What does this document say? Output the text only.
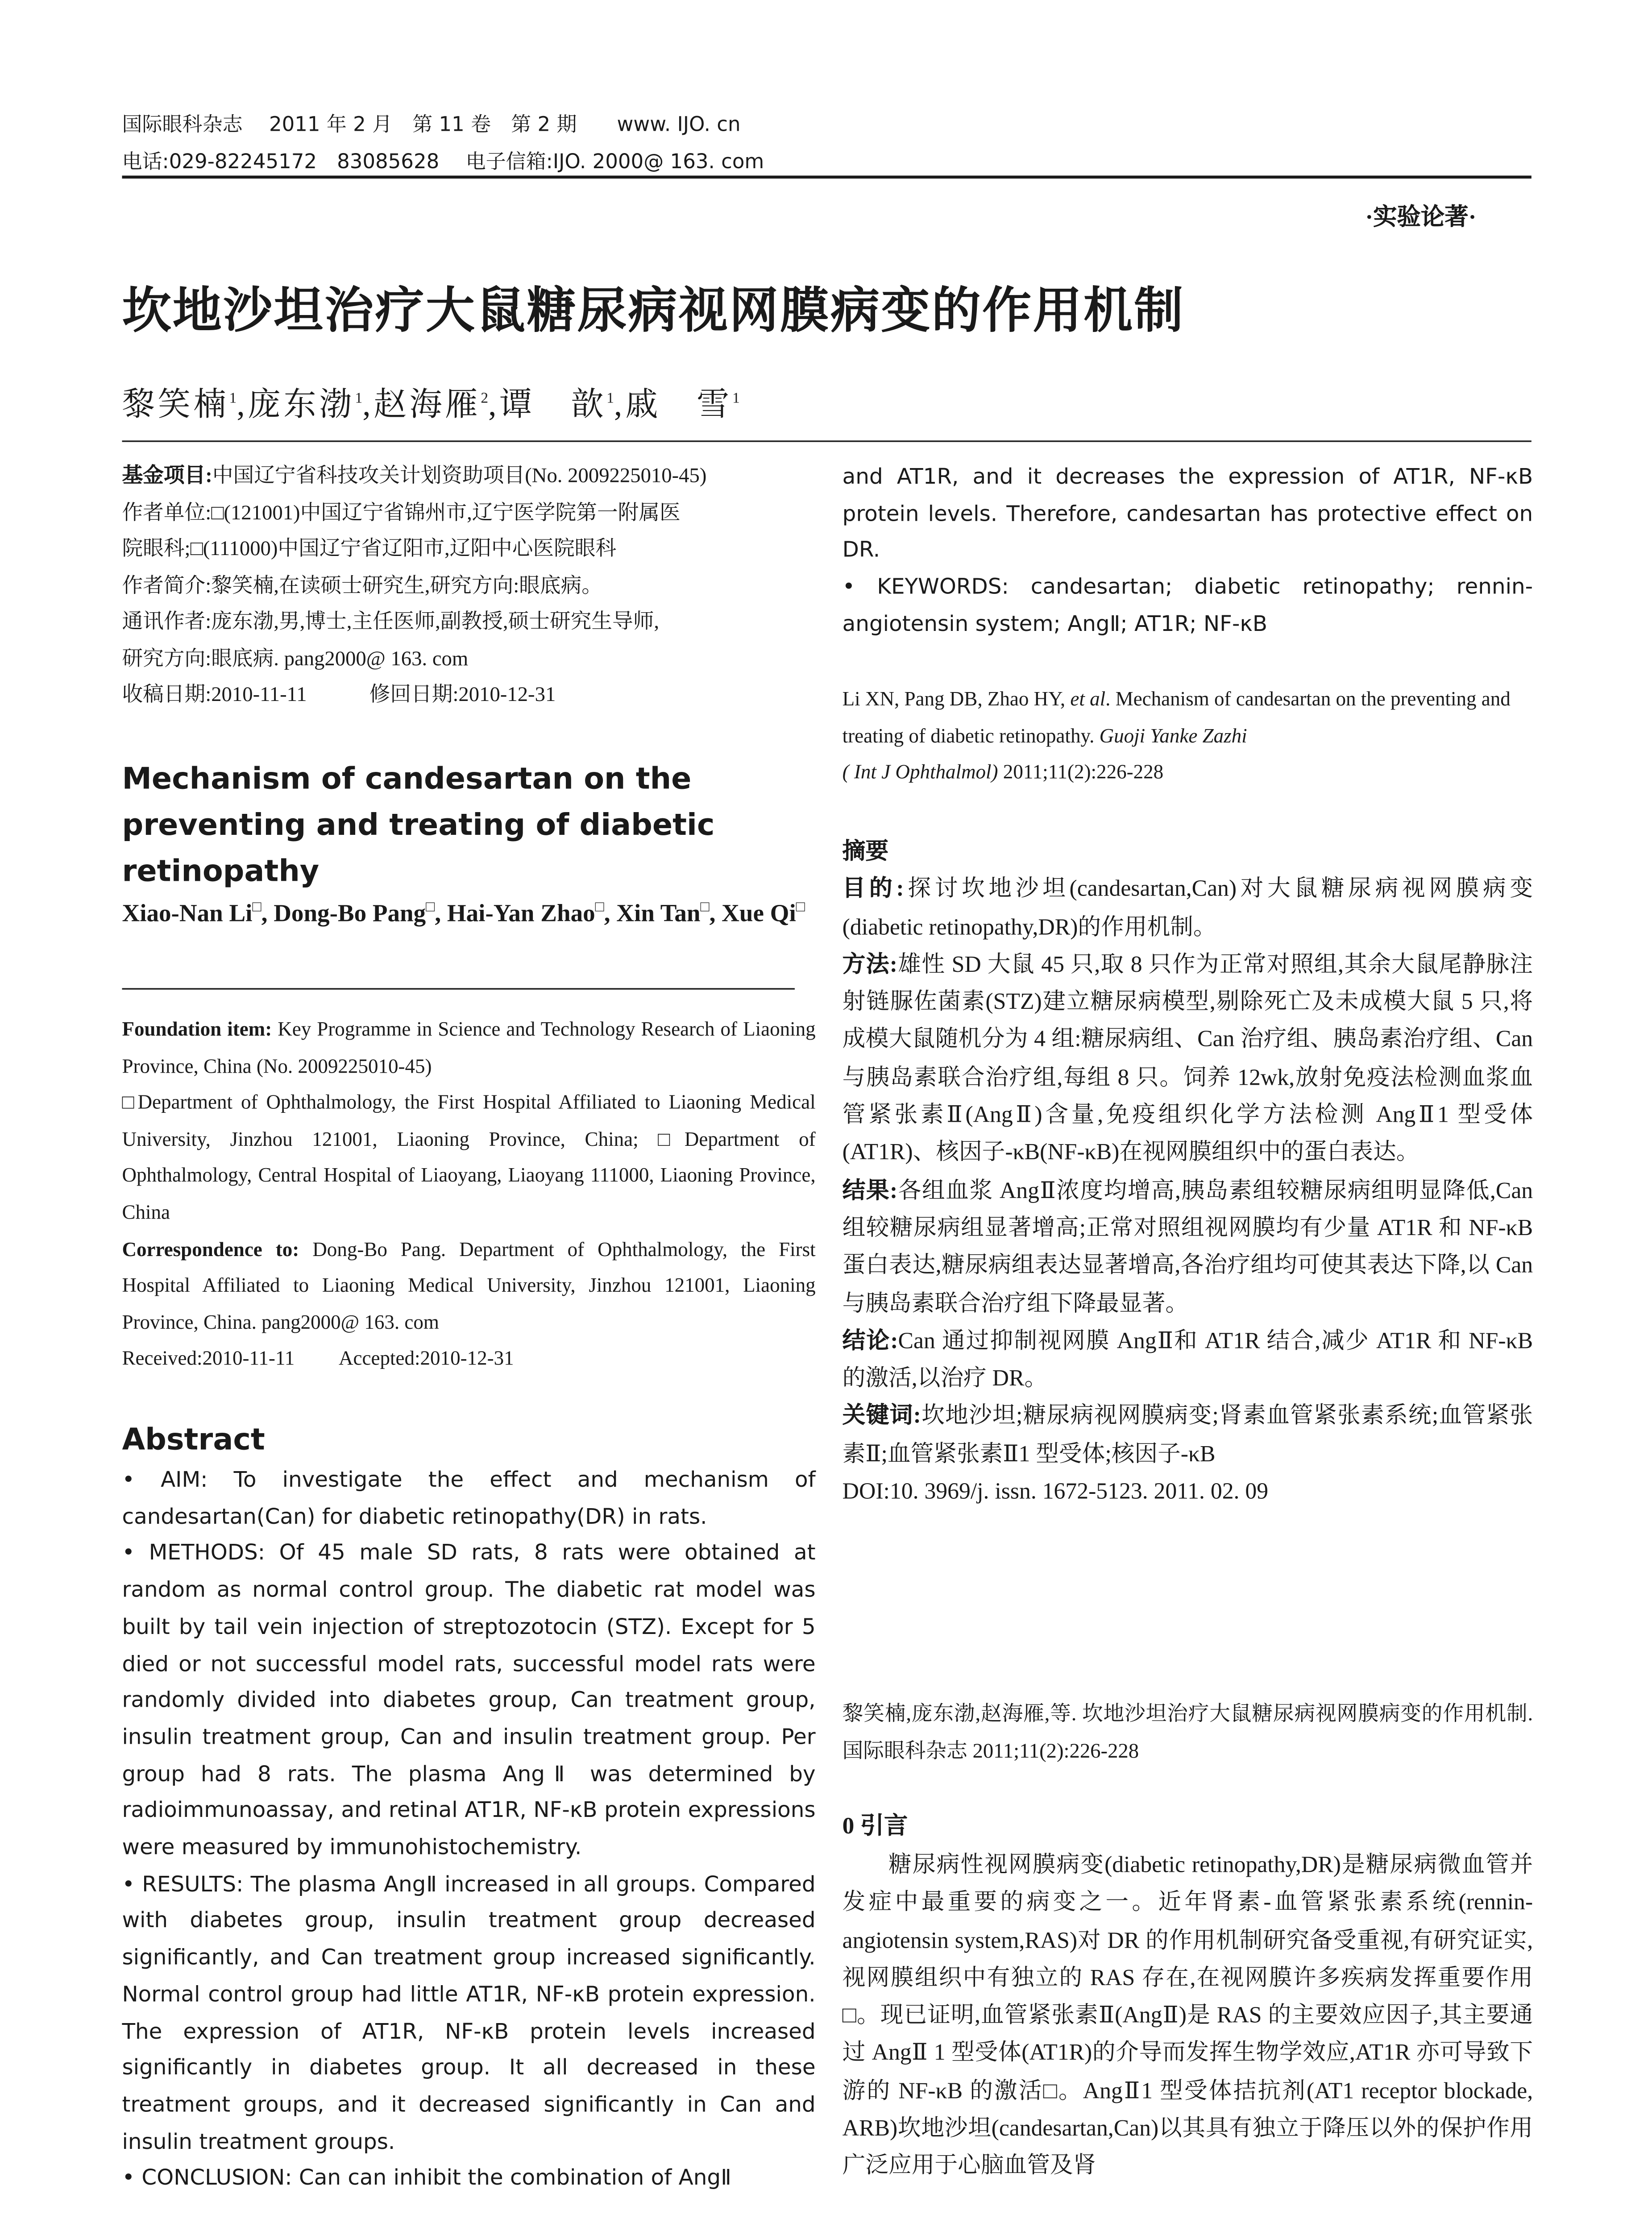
国际眼科杂志　 2011 年 2 月　第 11 卷　第 2 期　　www. IJO. cn
电话:029-82245172　83085628　 电子信箱:IJO. 2000@ 163. com
·实验论著·
坎地沙坦治疗大鼠糖尿病视网膜病变的作用机制
黎笑楠$^1$,庞东渤$^1$,赵海雁$^2$,谭　歆$^1$,戚　雪$^1$

基金项目:中国辽宁省科技攻关计划资助项目(No. 2009225010-45)

作者单位:□(121001)中国辽宁省锦州市,辽宁医学院第一附属医

院眼科;□(111000)中国辽宁省辽阳市,辽阳中心医院眼科

作者简介:黎笑楠,在读硕士研究生,研究方向:眼底病。

通讯作者:庞东渤,男,博士,主任医师,副教授,硕士研究生导师,

研究方向:眼底病. pang2000@ 163. com

收稿日期:2010-11-11　　　修回日期:2010-12-31

Mechanism of candesartan on the preventing and treating of diabetic retinopathy
Xiao-Nan Li□, Dong-Bo Pang□, Hai-Yan Zhao□, Xin Tan□, Xue Qi□

Foundation item: Key Programme in Science and Technology Research of Liaoning Province, China (No. 2009225010-45)

□Department of Ophthalmology, the First Hospital Affiliated to Liaoning Medical University, Jinzhou 121001, Liaoning Province, China; □Department of Ophthalmology, Central Hospital of Liaoyang, Liaoyang 111000, Liaoning Province, China

Correspondence to: Dong-Bo Pang. Department of Ophthalmology, the First Hospital Affiliated to Liaoning Medical University, Jinzhou 121001, Liaoning Province, China. pang2000@ 163. com

Received:2010-11-11　　 Accepted:2010-12-31

Abstract

• AIM: To investigate the effect and mechanism of candesartan(Can) for diabetic retinopathy(DR) in rats.

• METHODS: Of 45 male SD rats, 8 rats were obtained at random as normal control group. The diabetic rat model was built by tail vein injection of streptozotocin (STZ). Except for 5 died or not successful model rats, successful model rats were randomly divided into diabetes group, Can treatment group, insulin treatment group, Can and insulin treatment group. Per group had 8 rats. The plasma AngⅡ was determined by radioimmunoassay, and retinal AT1R, NF-κB protein expressions were measured by immunohistochemistry.

• RESULTS: The plasma AngⅡ increased in all groups. Compared with diabetes group, insulin treatment group decreased significantly, and Can treatment group increased significantly. Normal control group had little AT1R, NF-κB protein expression. The expression of AT1R, NF-κB protein levels increased significantly in diabetes group. It all decreased in these treatment groups, and it decreased significantly in Can and insulin treatment groups.

• CONCLUSION: Can can inhibit the combination of AngⅡ

and AT1R, and it decreases the expression of AT1R, NF-κB protein levels. Therefore, candesartan has protective effect on DR.

• KEYWORDS: candesartan; diabetic retinopathy; rennin-angiotensin system; AngⅡ; AT1R; NF-κB

Li XN, Pang DB, Zhao HY, et al. Mechanism of candesartan on the preventing and treating of diabetic retinopathy. Guoji Yanke Zazhi

( Int J Ophthalmol) 2011;11(2):226-228

摘要

目的:探讨坎地沙坦(candesartan,Can)对大鼠糖尿病视网膜病变(diabetic retinopathy,DR)的作用机制。

方法:雄性 SD 大鼠 45 只,取 8 只作为正常对照组,其余大鼠尾静脉注射链脲佐菌素(STZ)建立糖尿病模型,剔除死亡及未成模大鼠 5 只,将成模大鼠随机分为 4 组:糖尿病组、Can 治疗组、胰岛素治疗组、Can 与胰岛素联合治疗组,每组 8 只。饲养 12wk,放射免疫法检测血浆血管紧张素Ⅱ(AngⅡ)含量,免疫组织化学方法检测 AngⅡ1 型受体(AT1R)、核因子-κB(NF-κB)在视网膜组织中的蛋白表达。

结果:各组血浆 AngⅡ浓度均增高,胰岛素组较糖尿病组明显降低,Can 组较糖尿病组显著增高;正常对照组视网膜均有少量 AT1R 和 NF-κB 蛋白表达,糖尿病组表达显著增高,各治疗组均可使其表达下降,以 Can 与胰岛素联合治疗组下降最显著。

结论:Can 通过抑制视网膜 AngⅡ和 AT1R 结合,减少 AT1R 和 NF-κB 的激活,以治疗 DR。

关键词:坎地沙坦;糖尿病视网膜病变;肾素血管紧张素系统;血管紧张素Ⅱ;血管紧张素Ⅱ1 型受体;核因子-κB

DOI:10. 3969/j. issn. 1672-5123. 2011. 02. 09

黎笑楠,庞东渤,赵海雁,等. 坎地沙坦治疗大鼠糖尿病视网膜病变的作用机制. 国际眼科杂志 2011;11(2):226-228
0 引言

糖尿病性视网膜病变(diabetic retinopathy,DR)是糖尿病微血管并发症中最重要的病变之一。近年肾素-血管紧张素系统(rennin-angiotensin system,RAS)对 DR 的作用机制研究备受重视,有研究证实,视网膜组织中有独立的 RAS 存在,在视网膜许多疾病发挥重要作用□。现已证明,血管紧张素Ⅱ(AngⅡ)是 RAS 的主要效应因子,其主要通过 AngⅡ 1 型受体(AT1R)的介导而发挥生物学效应,AT1R 亦可导致下游的 NF-κB 的激活□。AngⅡ1 型受体拮抗剂(AT1 receptor blockade, ARB)坎地沙坦(candesartan,Can)以其具有独立于降压以外的保护作用广泛应用于心脑血管及肾
